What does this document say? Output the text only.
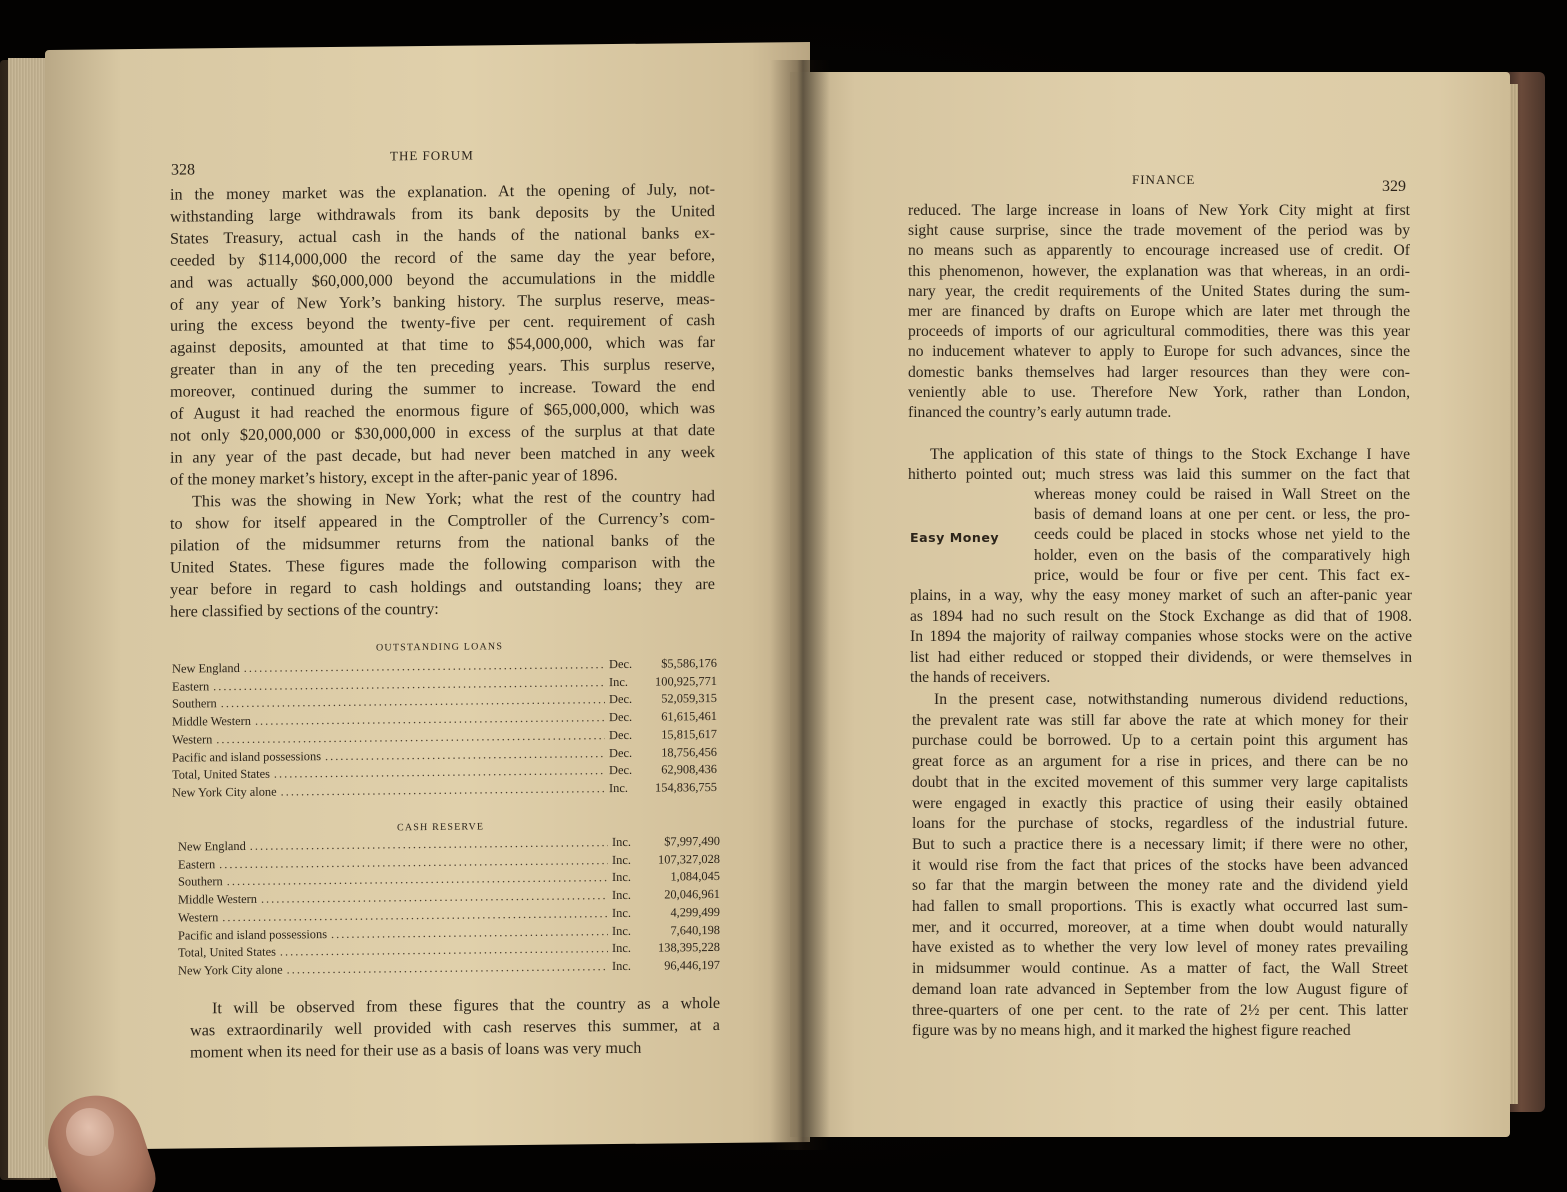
328
THE FORUM

in the money market was the explanation. At the opening of July, not-

withstanding large withdrawals from its bank deposits by the United

States Treasury, actual cash in the hands of the national banks ex-

ceeded by $114,000,000 the record of the same day the year before,

and was actually $60,000,000 beyond the accumulations in the middle

of any year of New York’s banking history. The surplus reserve, meas-

uring the excess beyond the twenty-five per cent. requirement of cash

against deposits, amounted at that time to $54,000,000, which was far

greater than in any of the ten preceding years. This surplus reserve,

moreover, continued during the summer to increase. Toward the end

of August it had reached the enormous figure of $65,000,000, which was

not only $20,000,000 or $30,000,000 in excess of the surplus at that date

in any year of the past decade, but had never been matched in any week

of the money market’s history, except in the after-panic year of 1896.

This was the showing in New York; what the rest of the country had

to show for itself appeared in the Comptroller of the Currency’s com-

pilation of the midsummer returns from the national banks of the

United States. These figures made the following comparison with the

year before in regard to cash holdings and outstanding loans; they are

here classified by sections of the country:

OUTSTANDING LOANS
New England .....	Dec.	$5,586,176
Eastern .....	Inc.	100,925,771
Southern .....	Dec.	52,059,315
Middle Western .....	Dec.	61,615,461
Western .....	Dec.	15,815,617
Pacific and island possessions .....	Dec.	18,756,456
Total, United States .....	Dec.	62,908,436
New York City alone .....	Inc.	154,836,755
CASH RESERVE
New England .....	Inc.	$7,997,490
Eastern .....	Inc.	107,327,028
Southern .....	Inc.	1,084,045
Middle Western .....	Inc.	20,046,961
Western .....	Inc.	4,299,499
Pacific and island possessions .....	Inc.	7,640,198
Total, United States .....	Inc.	138,395,228
New York City alone .....	Inc.	96,446,197

It will be observed from these figures that the country as a whole

was extraordinarily well provided with cash reserves this summer, at a

moment when its need for their use as a basis of loans was very much

FINANCE	329

reduced. The large increase in loans of New York City might at first

sight cause surprise, since the trade movement of the period was by

no means such as apparently to encourage increased use of credit. Of

this phenomenon, however, the explanation was that whereas, in an ordi-

nary year, the credit requirements of the United States during the sum-

mer are financed by drafts on Europe which are later met through the

proceeds of imports of our agricultural commodities, there was this year

no inducement whatever to apply to Europe for such advances, since the

domestic banks themselves had larger resources than they were con-

veniently able to use. Therefore New York, rather than London,

financed the country’s early autumn trade.

The application of this state of things to the Stock Exchange I have

hitherto pointed out; much stress was laid this summer on the fact that

Easy Money

whereas money could be raised in Wall Street on the

basis of demand loans at one per cent. or less, the pro-

ceeds could be placed in stocks whose net yield to the

holder, even on the basis of the comparatively high

price, would be four or five per cent. This fact ex-

plains, in a way, why the easy money market of such an after-panic year

as 1894 had no such result on the Stock Exchange as did that of 1908.

In 1894 the majority of railway companies whose stocks were on the active

list had either reduced or stopped their dividends, or were themselves in

the hands of receivers.

In the present case, notwithstanding numerous dividend reductions,

the prevalent rate was still far above the rate at which money for their

purchase could be borrowed. Up to a certain point this argument has

great force as an argument for a rise in prices, and there can be no

doubt that in the excited movement of this summer very large capitalists

were engaged in exactly this practice of using their easily obtained

loans for the purchase of stocks, regardless of the industrial future.

But to such a practice there is a necessary limit; if there were no other,

it would rise from the fact that prices of the stocks have been advanced

so far that the margin between the money rate and the dividend yield

had fallen to small proportions. This is exactly what occurred last sum-

mer, and it occurred, moreover, at a time when doubt would naturally

have existed as to whether the very low level of money rates prevailing

in midsummer would continue. As a matter of fact, the Wall Street

demand loan rate advanced in September from the low August figure of

three-quarters of one per cent. to the rate of 2½ per cent. This latter

figure was by no means high, and it marked the highest figure reached
